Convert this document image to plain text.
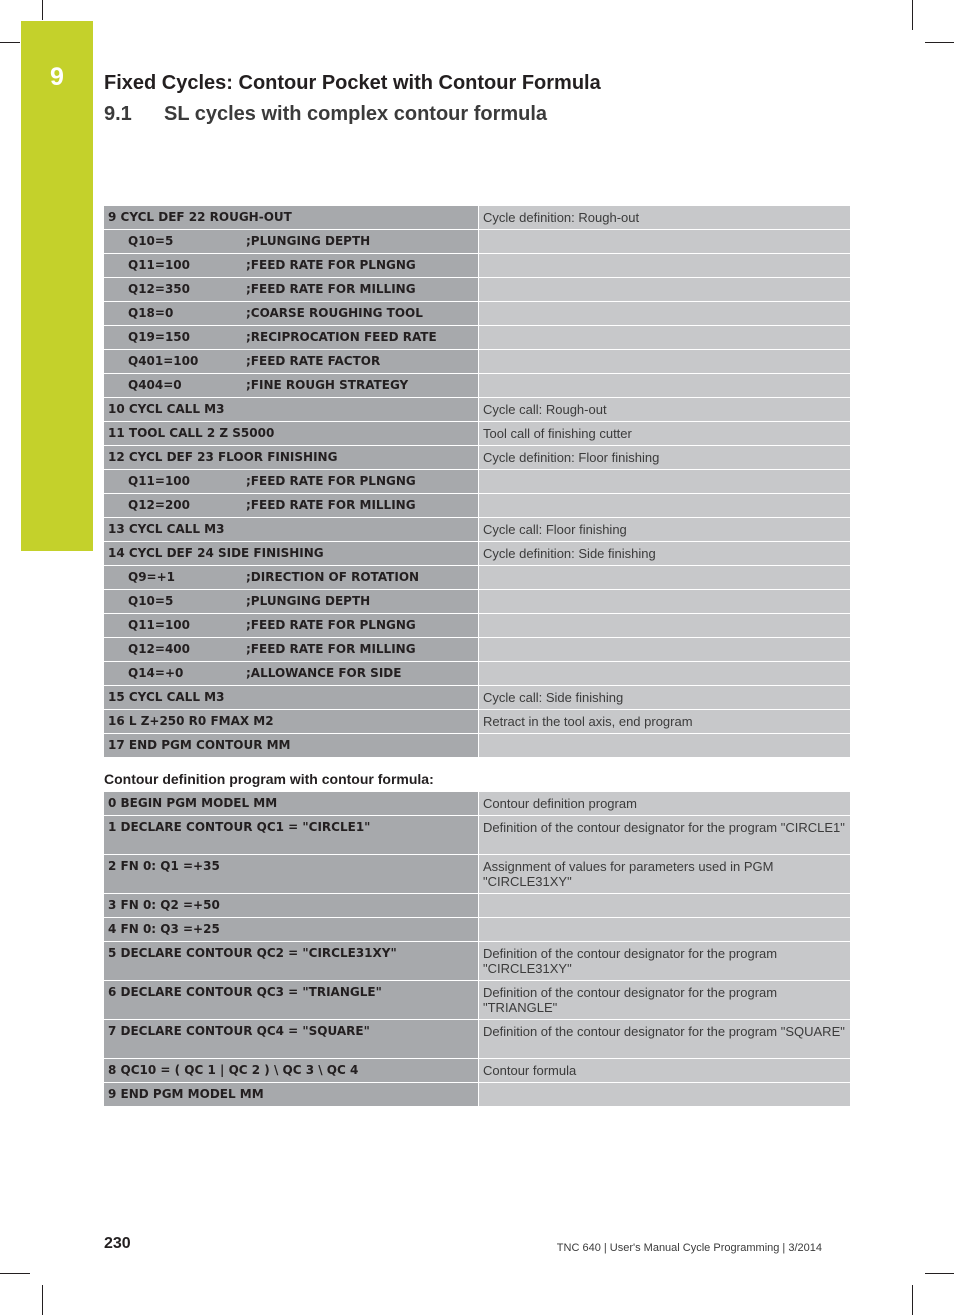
9	Fixed Cycles: Contour Pocket with Contour Formula
9.1 SL cycles with complex contour formula
9 CYCL DEF 22 ROUGH-OUT	Cycle definition: Rough-out
Q10=5	;PLUNGING DEPTH
Q11=100	;FEED RATE FOR PLNGNG
Q12=350	;FEED RATE FOR MILLING
Q18=0	;COARSE ROUGHING TOOL
Q19=150	;RECIPROCATION FEED RATE
Q401=100	;FEED RATE FACTOR
Q404=0	;FINE ROUGH STRATEGY
10 CYCL CALL M3	Cycle call: Rough-out
11 TOOL CALL 2 Z S5000	Tool call of finishing cutter
12 CYCL DEF 23 FLOOR FINISHING	Cycle definition: Floor finishing
Q11=100	;FEED RATE FOR PLNGNG
Q12=200	;FEED RATE FOR MILLING
13 CYCL CALL M3	Cycle call: Floor finishing
14 CYCL DEF 24 SIDE FINISHING	Cycle definition: Side finishing
Q9=+1	;DIRECTION OF ROTATION
Q10=5	;PLUNGING DEPTH
Q11=100	;FEED RATE FOR PLNGNG
Q12=400	;FEED RATE FOR MILLING
Q14=+0	;ALLOWANCE FOR SIDE
15 CYCL CALL M3	Cycle call: Side finishing
16 L Z+250 R0 FMAX M2	Retract in the tool axis, end program
17 END PGM CONTOUR MM
Contour definition program with contour formula:
0 BEGIN PGM MODEL MM	Contour definition program
1 DECLARE CONTOUR QC1 = "CIRCLE1"	Definition of the contour designator for the program "CIRCLE1"
2 FN 0: Q1 =+35	Assignment of values for parameters used in PGM "CIRCLE31XY"
3 FN 0: Q2 =+50
4 FN 0: Q3 =+25
5 DECLARE CONTOUR QC2 = "CIRCLE31XY"	Definition of the contour designator for the program "CIRCLE31XY"
6 DECLARE CONTOUR QC3 = "TRIANGLE"	Definition of the contour designator for the program "TRIANGLE"
7 DECLARE CONTOUR QC4 = "SQUARE"	Definition of the contour designator for the program "SQUARE"
8 QC10 = ( QC 1 | QC 2 ) \ QC 3 \ QC 4	Contour formula
9 END PGM MODEL MM
230	TNC 640 | User's Manual Cycle Programming | 3/2014
